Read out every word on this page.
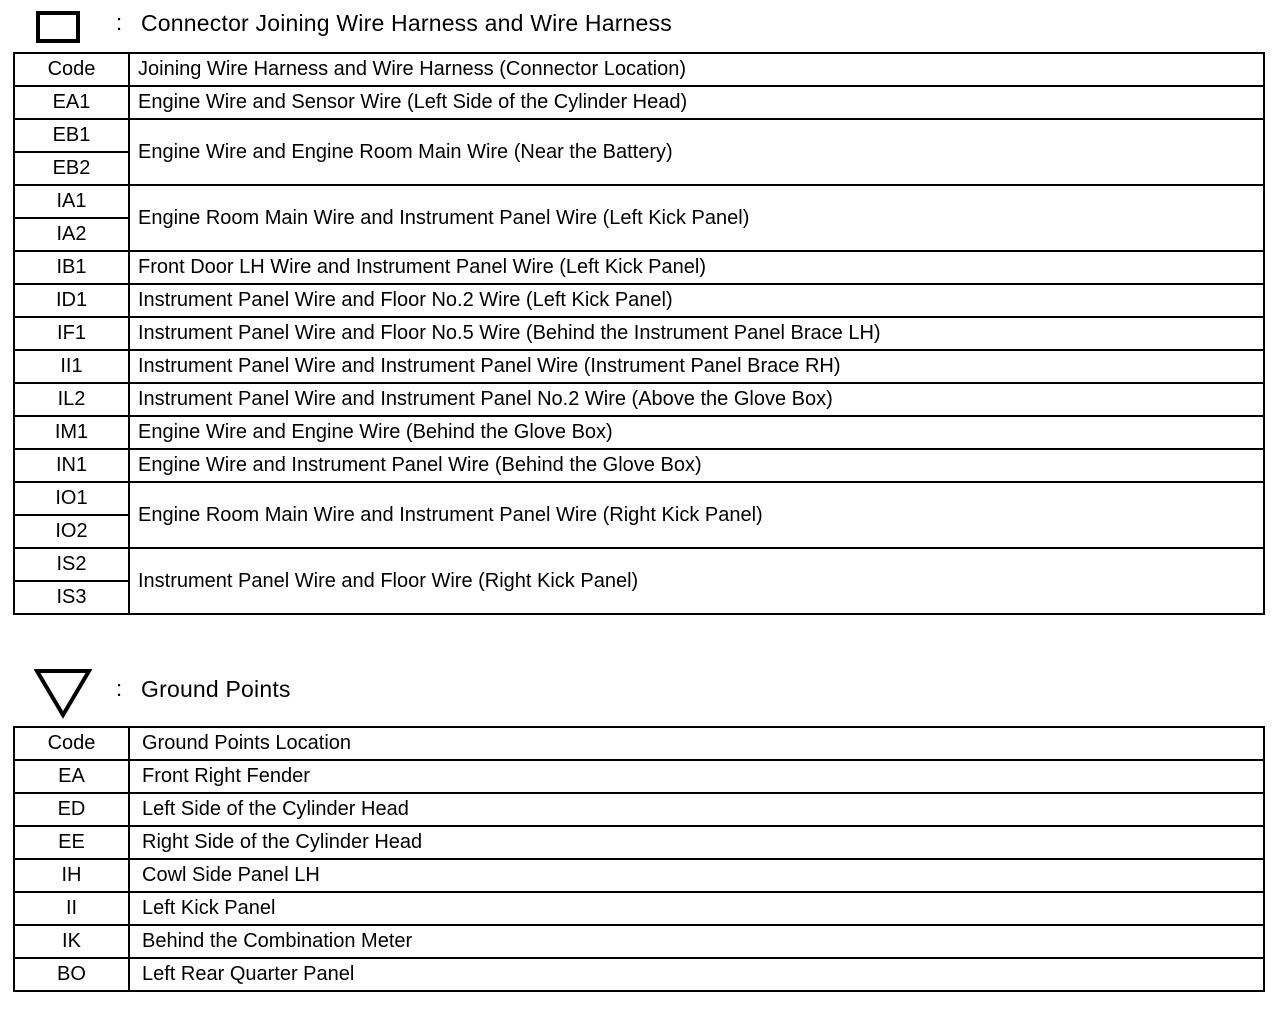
: Connector Joining Wire Harness and Wire Harness
Code	Joining Wire Harness and Wire Harness (Connector Location)
EA1	Engine Wire and Sensor Wire (Left Side of the Cylinder Head)
EB1	Engine Wire and Engine Room Main Wire (Near the Battery)
EB2	
IA1	Engine Room Main Wire and Instrument Panel Wire (Left Kick Panel)
IA2	
IB1	Front Door LH Wire and Instrument Panel Wire (Left Kick Panel)
ID1	Instrument Panel Wire and Floor No.2 Wire (Left Kick Panel)
IF1	Instrument Panel Wire and Floor No.5 Wire (Behind the Instrument Panel Brace LH)
II1	Instrument Panel Wire and Instrument Panel Wire (Instrument Panel Brace RH)
IL2	Instrument Panel Wire and Instrument Panel No.2 Wire (Above the Glove Box)
IM1	Engine Wire and Engine Wire (Behind the Glove Box)
IN1	Engine Wire and Instrument Panel Wire (Behind the Glove Box)
IO1	Engine Room Main Wire and Instrument Panel Wire (Right Kick Panel)
IO2	
IS2	Instrument Panel Wire and Floor Wire (Right Kick Panel)
IS3	
: Ground Points
Code	Ground Points Location
EA	Front Right Fender
ED	Left Side of the Cylinder Head
EE	Right Side of the Cylinder Head
IH	Cowl Side Panel LH
II	Left Kick Panel
IK	Behind the Combination Meter
BO	Left Rear Quarter Panel
